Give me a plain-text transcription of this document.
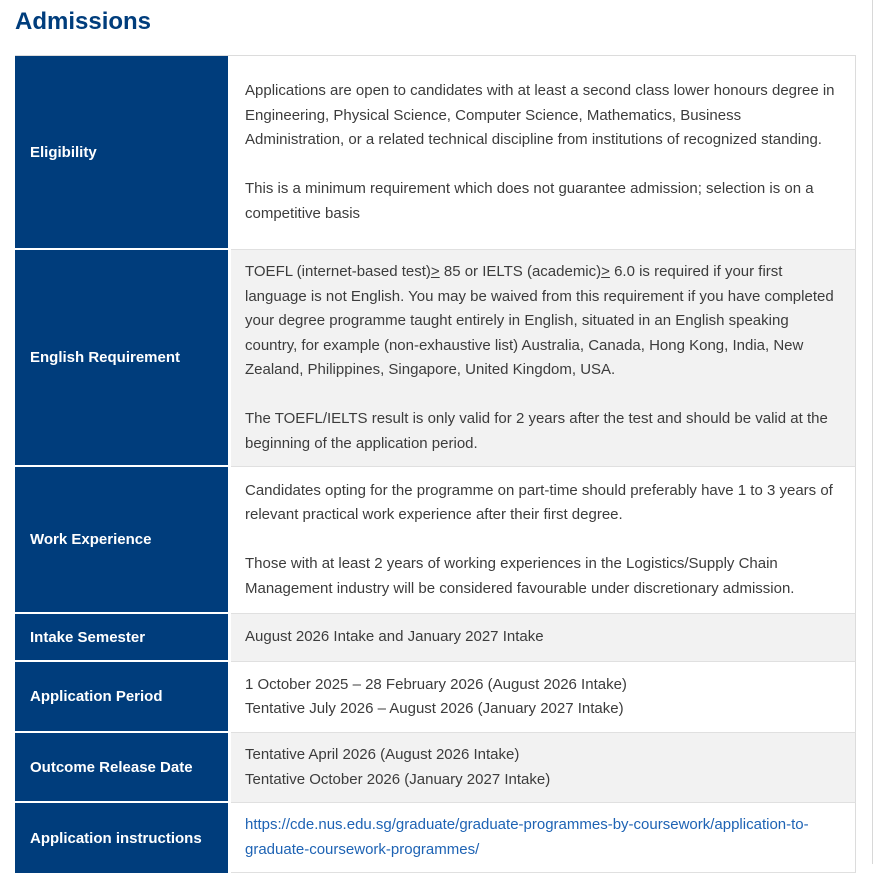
Admissions
Eligibility

Applications are open to candidates with at least a second class lower honours degree in Engineering, Physical Science, Computer Science, Mathematics, Business Administration, or a related technical discipline from institutions of recognized standing.

This is a minimum requirement which does not guarantee admission; selection is on a competitive basis

English Requirement

TOEFL (internet-based test)≥ 85 or IELTS (academic)≥ 6.0 is required if your first language is not English. You may be waived from this requirement if you have completed your degree programme taught entirely in English, situated in an English speaking country, for example (non-exhaustive list) Australia, Canada, Hong Kong, India, New Zealand, Philippines, Singapore, United Kingdom, USA.

The TOEFL/IELTS result is only valid for 2 years after the test and should be valid at the beginning of the application period.

Work Experience

Candidates opting for the programme on part-time should preferably have 1 to 3 years of relevant practical work experience after their first degree.

Those with at least 2 years of working experiences in the Logistics/Supply Chain Management industry will be considered favourable under discretionary admission.

Intake Semester	August 2026 Intake and January 2027 Intake

Application Period

1 October 2025 – 28 February 2026 (August 2026 Intake)
Tentative July 2026 – August 2026 (January 2027 Intake)

Outcome Release Date

Tentative April 2026 (August 2026 Intake)
Tentative October 2026 (January 2027 Intake)

Application instructions

https://cde.nus.edu.sg/graduate/graduate-programmes-by-coursework/application-to-graduate-coursework-programmes/
